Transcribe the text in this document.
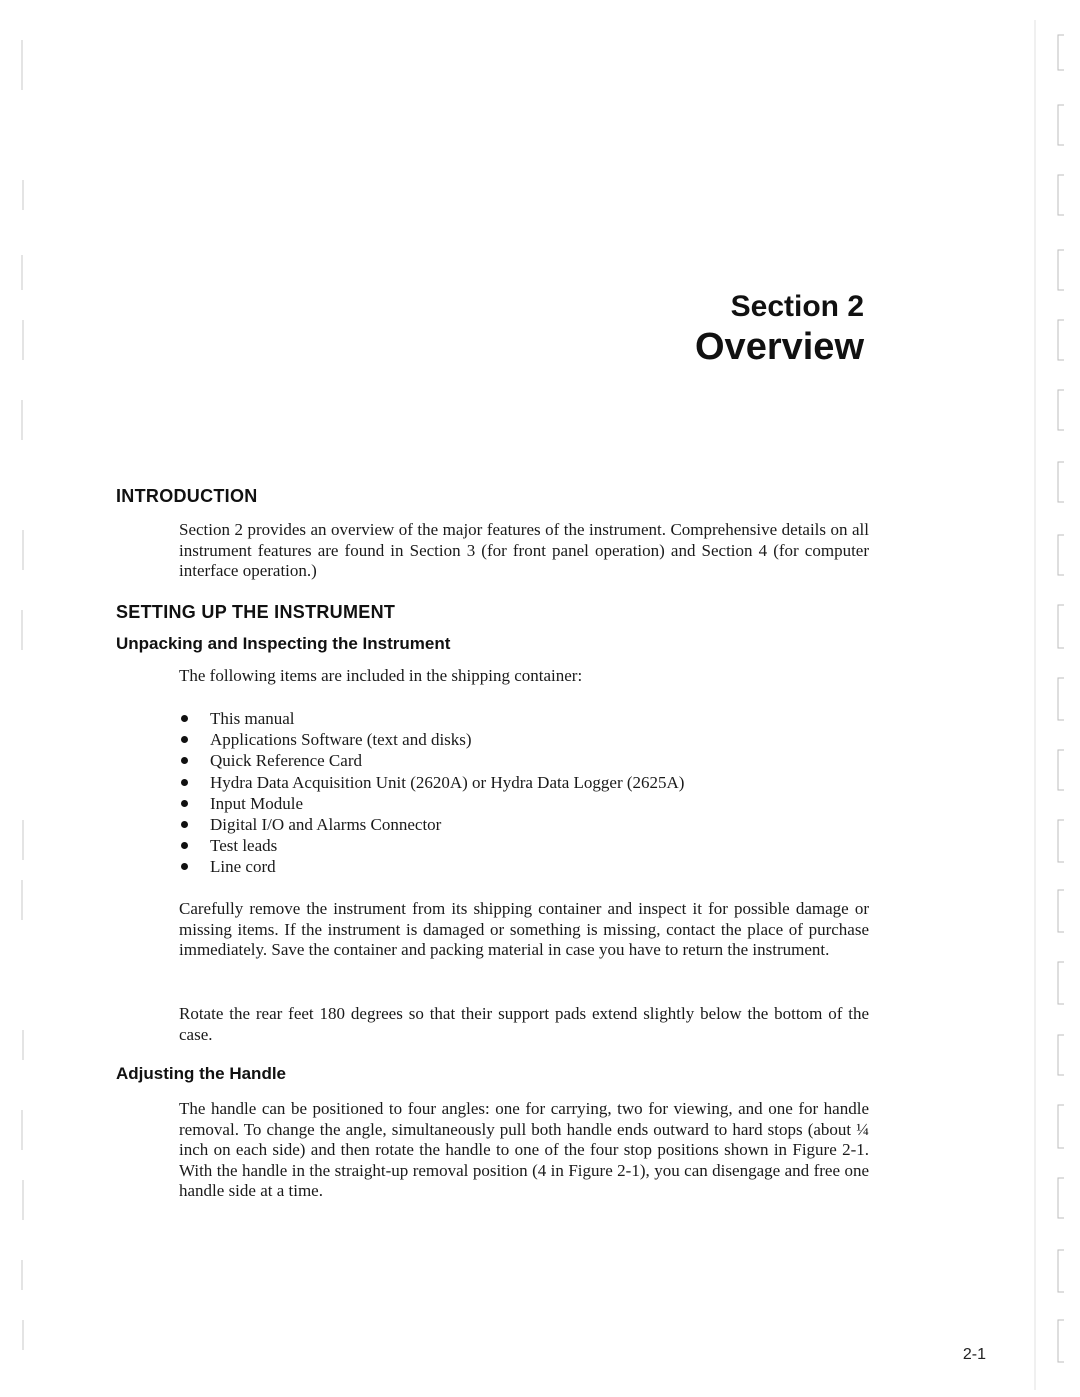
Section 2
Overview
INTRODUCTION

Section 2 provides an overview of the major features of the instrument. Comprehensive details on all instrument features are found in Section 3 (for front panel operation) and Section 4 (for computer interface operation.)

SETTING UP THE INSTRUMENT
Unpacking and Inspecting the Instrument

The following items are included in the shipping container:

This manual
Applications Software (text and disks)
Quick Reference Card
Hydra Data Acquisition Unit (2620A) or Hydra Data Logger (2625A)
Input Module
Digital I/O and Alarms Connector
Test leads
Line cord

Carefully remove the instrument from its shipping container and inspect it for possible damage or missing items. If the instrument is damaged or something is missing, contact the place of purchase immediately. Save the container and packing material in case you have to return the instrument.

Rotate the rear feet 180 degrees so that their support pads extend slightly below the bottom of the case.

Adjusting the Handle

The handle can be positioned to four angles: one for carrying, two for viewing, and one for handle removal. To change the angle, simultaneously pull both handle ends outward to hard stops (about ¼ inch on each side) and then rotate the handle to one of the four stop positions shown in Figure 2-1. With the handle in the straight-up removal position (4 in Figure 2-1), you can disengage and free one handle side at a time.

2-1
